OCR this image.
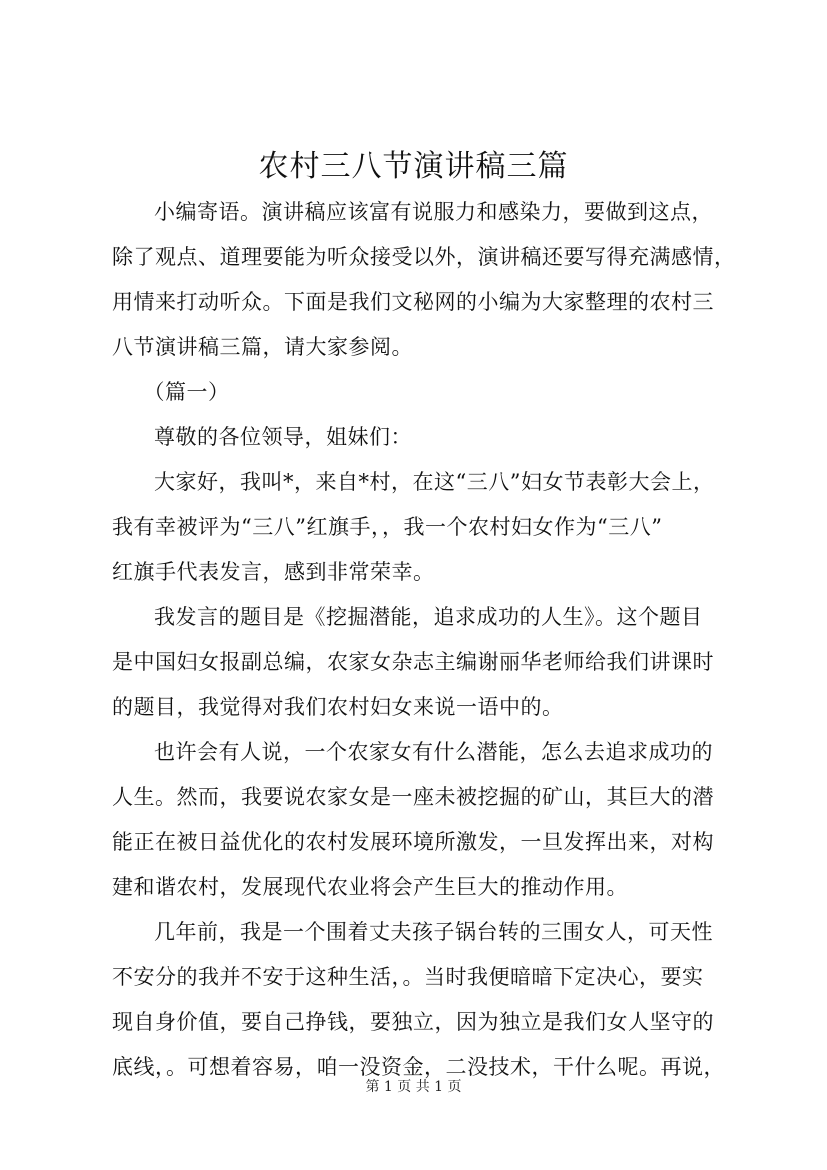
农村三八节演讲稿三篇

小编寄语。演讲稿应该富有说服力和感染力，要做到这点，
除了观点、道理要能为听众接受以外，演讲稿还要写得充满感情，
用情来打动听众。下面是我们文秘网的小编为大家整理的农村三
八节演讲稿三篇，请大家参阅。

（篇一）

尊敬的各位领导，姐妹们：

大家好，我叫*，来自*村，在这“三八”妇女节表彰大会上，
我有幸被评为“三八”红旗手，，我一个农村妇女作为“三八”
红旗手代表发言，感到非常荣幸。

我发言的题目是《挖掘潜能，追求成功的人生》。这个题目
是中国妇女报副总编，农家女杂志主编谢丽华老师给我们讲课时
的题目，我觉得对我们农村妇女来说一语中的。

也许会有人说，一个农家女有什么潜能，怎么去追求成功的
人生。然而，我要说农家女是一座未被挖掘的矿山，其巨大的潜
能正在被日益优化的农村发展环境所激发，一旦发挥出来，对构
建和谐农村，发展现代农业将会产生巨大的推动作用。

几年前，我是一个围着丈夫孩子锅台转的三围女人，可天性
不安分的我并不安于这种生活，。当时我便暗暗下定决心，要实
现自身价值，要自己挣钱，要独立，因为独立是我们女人坚守的
底线，。可想着容易，咱一没资金，二没技术，干什么呢。再说，

第 1 页 共 1 页
